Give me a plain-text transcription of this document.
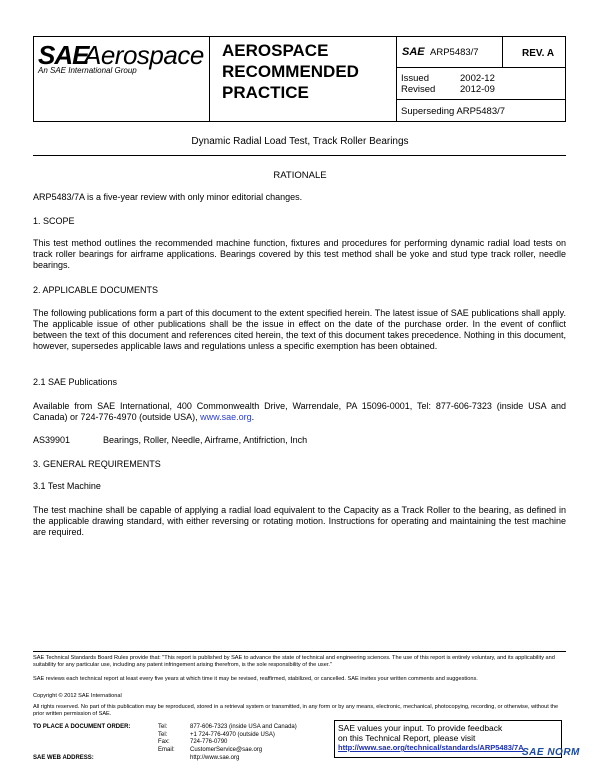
SAE
Aerospace
An SAE International Group
AEROSPACE
RECOMMENDED
PRACTICE
SAE ARP5483/7	REV. A
Issued	2002-12
Revised	2012-09
Superseding ARP5483/7
Dynamic Radial Load Test, Track Roller Bearings
RATIONALE
ARP5483/7A is a five-year review with only minor editorial changes.
1. SCOPE
This test method outlines the recommended machine function, fixtures and procedures for performing dynamic radial load tests on track roller bearings for airframe applications. Bearings covered by this test method shall be yoke and stud type track roller, needle bearings.
2. APPLICABLE DOCUMENTS
The following publications form a part of this document to the extent specified herein. The latest issue of SAE publications shall apply. The applicable issue of other publications shall be the issue in effect on the date of the purchase order. In the event of conflict between the text of this document and references cited herein, the text of this document takes precedence. Nothing in this document, however, supersedes applicable laws and regulations unless a specific exemption has been obtained.
2.1 SAE Publications
Available from SAE International, 400 Commonwealth Drive, Warrendale, PA 15096-0001, Tel: 877-606-7323 (inside USA and Canada) or 724-776-4970 (outside USA), www.sae.org.
AS39901	Bearings, Roller, Needle, Airframe, Antifriction, Inch
3. GENERAL REQUIREMENTS
3.1 Test Machine
The test machine shall be capable of applying a radial load equivalent to the Capacity as a Track Roller to the bearing, as defined in the applicable drawing standard, with either reversing or rotating motion. Instructions for operating and maintaining the test machine are required.
SAE Technical Standards Board Rules provide that: "This report is published by SAE to advance the state of technical and engineering sciences. The use of this report is entirely voluntary, and its applicability and suitability for any particular use, including any patent infringement arising therefrom, is the sole responsibility of the user."
SAE reviews each technical report at least every five years at which time it may be revised, reaffirmed, stabilized, or cancelled. SAE invites your written comments and suggestions.
Copyright © 2012 SAE International
All rights reserved. No part of this publication may be reproduced, stored in a retrieval system or transmitted, in any form or by any means, electronic, mechanical, photocopying, recording, or otherwise, without the prior written permission of SAE.
TO PLACE A DOCUMENT ORDER:	Tel:	877-606-7323 (inside USA and Canada)
Tel:	+1 724-776-4970 (outside USA)
Fax:	724-776-0790
Email:	CustomerService@sae.org
SAE WEB ADDRESS:	http://www.sae.org
SAE values your input. To provide feedback
on this Technical Report, please visit
http://www.sae.org/technical/standards/ARP5483/7A
SAE NORM
